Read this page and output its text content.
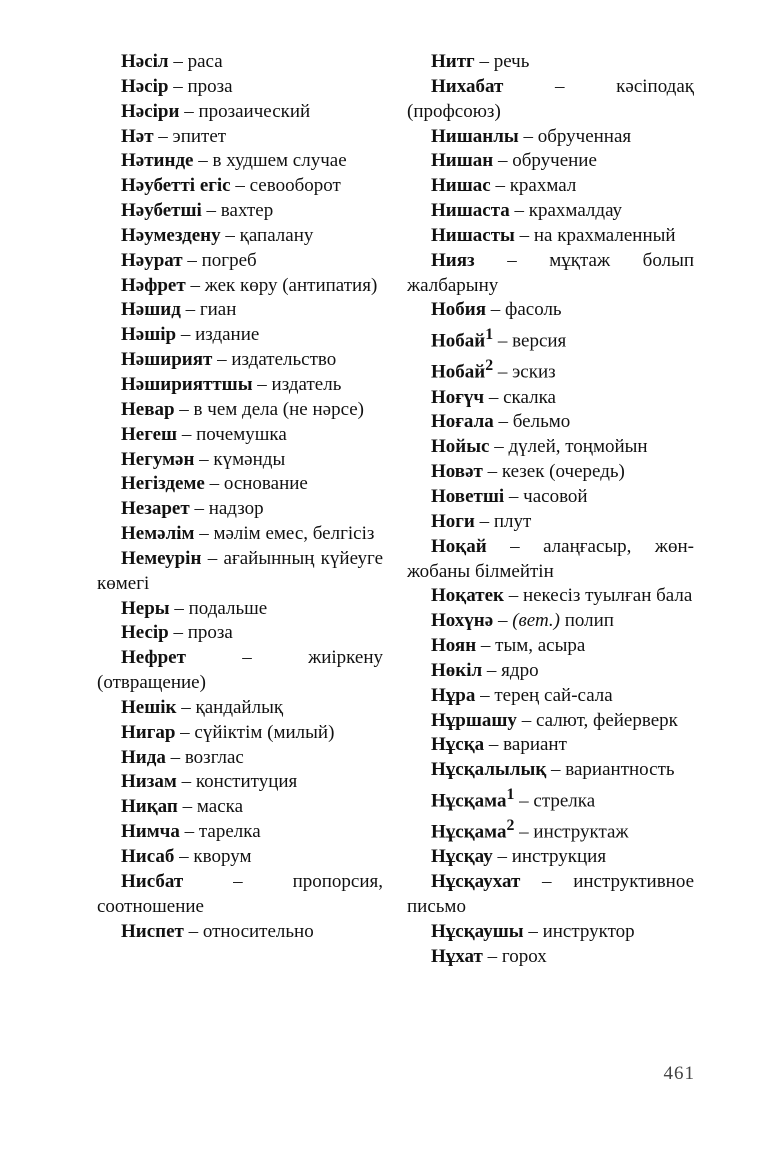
Нәсіл – раса

Нәсір – проза

Нәсіри – прозаический

Нәт – эпитет

Нәтинде – в худшем случае

Нәубетті егіс – севооборот

Нәубетші – вахтер

Нәумездену – қапалану

Нәурат – погреб

Нәфрет – жек көру (антипатия)

Нәшид – гиан

Нәшір – издание

Нәширият – издательство

Нәширияттшы – издатель

Невар – в чем дела (не нәрсе)

Негеш – почемушка

Негумән – күмәнды

Негіздеме – основание

Незарет – надзор

Немәлім – мәлім емес, белгісіз

Немеурін – ағайынның күйеуге көмегі

Неры – подальше

Несір – проза

Нефрет – жиіркену (отвращение)

Нешік – қандайлық

Нигар – сүйіктім (милый)

Нида – возглас

Низам – конституция

Ниқап – маска

Нимча – тарелка

Нисаб – кворум

Нисбат – пропорсия, соотношение

Ниспет – относительно

Нитг – речь

Нихабат – кәсіподақ (профсоюз)

Нишанлы – обрученная

Нишан – обручение

Нишас – крахмал

Нишаста – крахмалдау

Нишасты – на крахмаленный

Нияз – мұқтаж болып жалбарыну

Нобия – фасоль

Нобай$^1$ – версия

Нобай$^2$ – эскиз

Ноғүч – скалка

Ноғала – бельмо

Нойыс – дүлей, тоңмойын

Новәт – кезек (очередь)

Новетші – часовой

Ноги – плут

Ноқай – алаңғасыр, жөн-жобаны білмейтін

Ноқатек – некесіз туылған бала

Нохүнә – (вет.) полип

Ноян – тым, асыра

Нөкіл – ядро

Нұра – терең сай-сала

Нұршашу – салют, фейерверк

Нұсқа – вариант

Нұсқалылық – вариантность

Нұсқама$^1$ – стрелка

Нұсқама$^2$ – инструктаж

Нұсқау – инструкция

Нұсқаухат – инструктивное письмо

Нұсқаушы – инструктор

Нұхат – горох

461
